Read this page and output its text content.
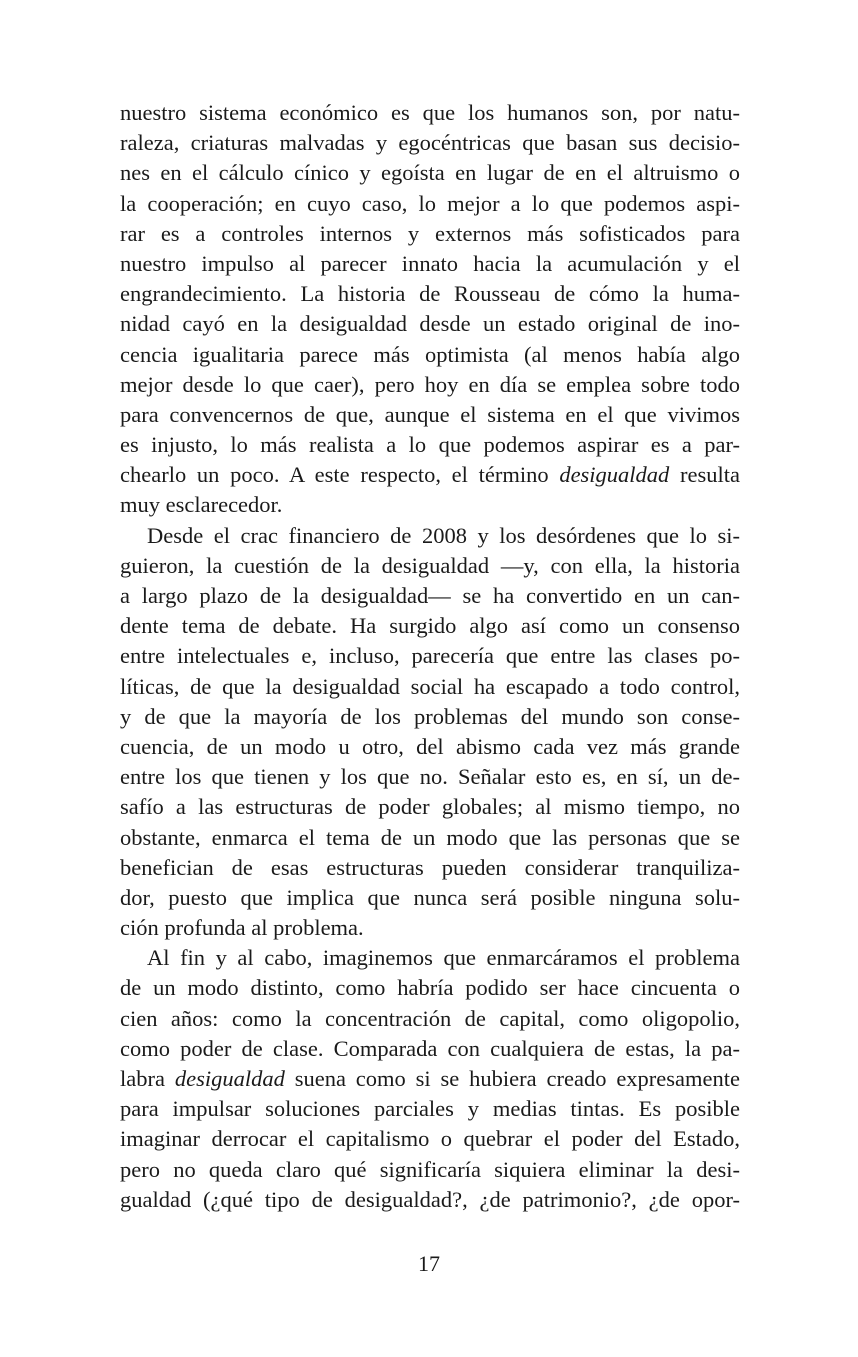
nuestro sistema económico es que los humanos son, por natu-
raleza, criaturas malvadas y egocéntricas que basan sus decisio-
nes en el cálculo cínico y egoísta en lugar de en el altruismo o
la cooperación; en cuyo caso, lo mejor a lo que podemos aspi-
rar es a controles internos y externos más sofisticados para
nuestro impulso al parecer innato hacia la acumulación y el
engrandecimiento. La historia de Rousseau de cómo la huma-
nidad cayó en la desigualdad desde un estado original de ino-
cencia igualitaria parece más optimista (al menos había algo
mejor desde lo que caer), pero hoy en día se emplea sobre todo
para convencernos de que, aunque el sistema en el que vivimos
es injusto, lo más realista a lo que podemos aspirar es a par-
chearlo un poco. A este respecto, el término desigualdad resulta
muy esclarecedor.
Desde el crac financiero de 2008 y los desórdenes que lo si-
guieron, la cuestión de la desigualdad —y, con ella, la historia
a largo plazo de la desigualdad— se ha convertido en un can-
dente tema de debate. Ha surgido algo así como un consenso
entre intelectuales e, incluso, parecería que entre las clases po-
líticas, de que la desigualdad social ha escapado a todo control,
y de que la mayoría de los problemas del mundo son conse-
cuencia, de un modo u otro, del abismo cada vez más grande
entre los que tienen y los que no. Señalar esto es, en sí, un de-
safío a las estructuras de poder globales; al mismo tiempo, no
obstante, enmarca el tema de un modo que las personas que se
benefician de esas estructuras pueden considerar tranquiliza-
dor, puesto que implica que nunca será posible ninguna solu-
ción profunda al problema.
Al fin y al cabo, imaginemos que enmarcáramos el problema
de un modo distinto, como habría podido ser hace cincuenta o
cien años: como la concentración de capital, como oligopolio,
como poder de clase. Comparada con cualquiera de estas, la pa-
labra desigualdad suena como si se hubiera creado expresamente
para impulsar soluciones parciales y medias tintas. Es posible
imaginar derrocar el capitalismo o quebrar el poder del Estado,
pero no queda claro qué significaría siquiera eliminar la desi-
gualdad (¿qué tipo de desigualdad?, ¿de patrimonio?, ¿de opor-
17
